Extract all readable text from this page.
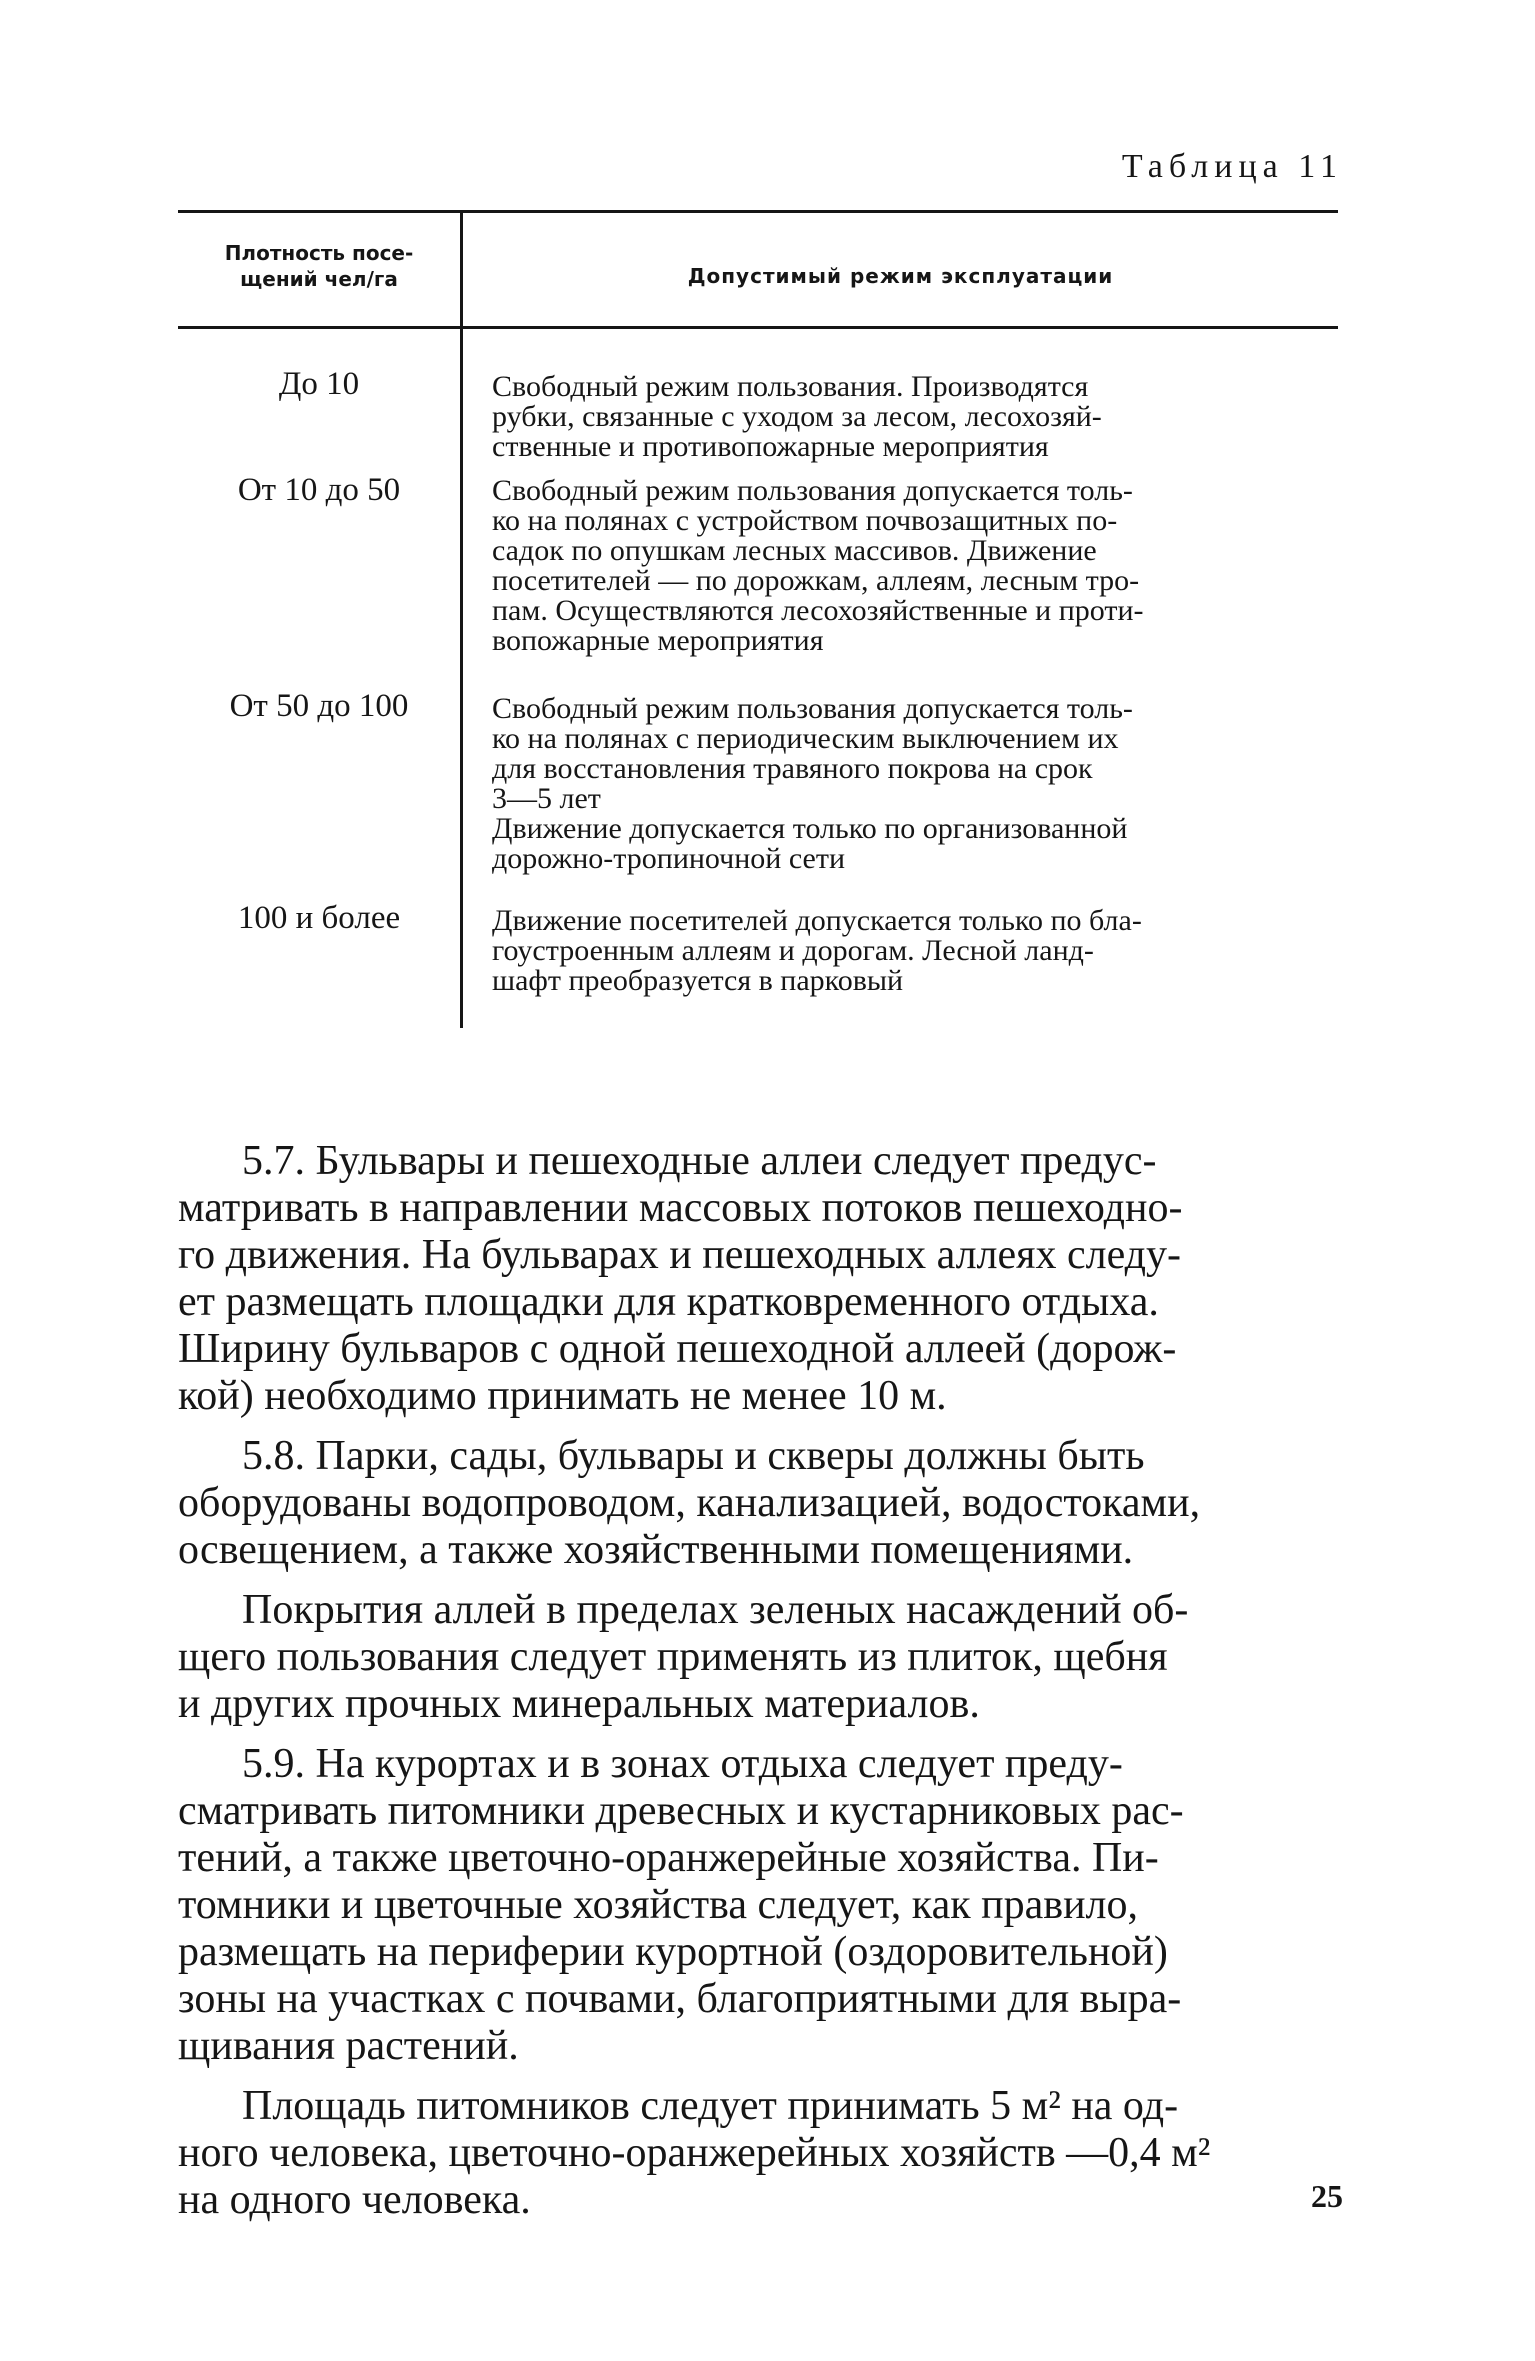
Таблица 11
Плотность посе-
щений чел/га	Допустимый режим эксплуатации
До 10	Свободный режим пользования. Производятся
рубки, связанные с уходом за лесом, лесохозяй-
ственные и противопожарные мероприятия
От 10 до 50	Свободный режим пользования допускается толь-
ко на полянах с устройством почвозащитных по-
садок по опушкам лесных массивов. Движение
посетителей — по дорожкам, аллеям, лесным тро-
пам. Осуществляются лесохозяйственные и проти-
вопожарные мероприятия
От 50 до 100	Свободный режим пользования допускается толь-
ко на полянах с периодическим выключением их
для восстановления травяного покрова на срок
3—5 лет
Движение допускается только по организованной
дорожно-тропиночной сети
100 и более	Движение посетителей допускается только по бла-
гоустроенным аллеям и дорогам. Лесной ланд-
шафт преобразуется в парковый

5.7. Бульвары и пешеходные аллеи следует предус-
матривать в направлении массовых потоков пешеходно-
го движения. На бульварах и пешеходных аллеях следу-
ет размещать площадки для кратковременного отдыха.
Ширину бульваров с одной пешеходной аллеей (дорож-
кой) необходимо принимать не менее 10 м.

5.8. Парки, сады, бульвары и скверы должны быть
оборудованы водопроводом, канализацией, водостоками,
освещением, а также хозяйственными помещениями.

Покрытия аллей в пределах зеленых насаждений об-
щего пользования следует применять из плиток, щебня
и других прочных минеральных материалов.

5.9. На курортах и в зонах отдыха следует преду-
сматривать питомники древесных и кустарниковых рас-
тений, а также цветочно-оранжерейные хозяйства. Пи-
томники и цветочные хозяйства следует, как правило,
размещать на периферии курортной (оздоровительной)
зоны на участках с почвами, благоприятными для выра-
щивания растений.

Площадь питомников следует принимать 5 м² на од-
ного человека, цветочно-оранжерейных хозяйств —0,4 м²
на одного человека.	25
